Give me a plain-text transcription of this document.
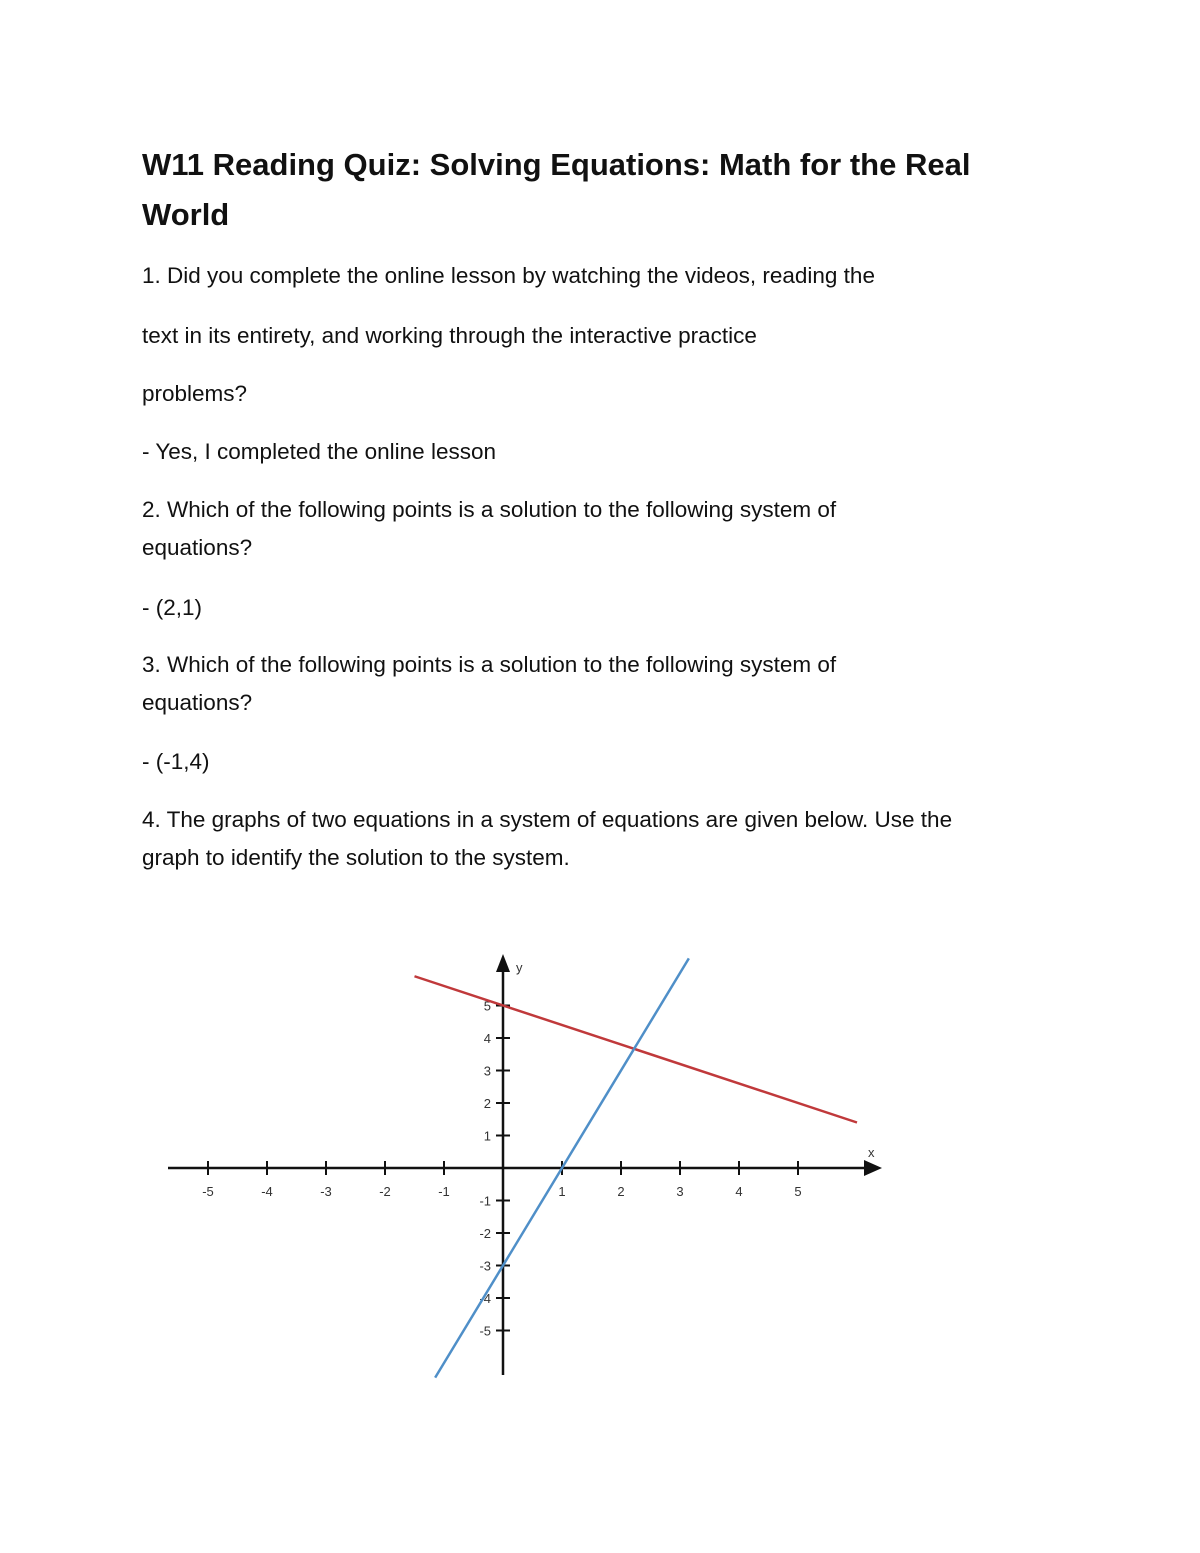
W11 Reading Quiz: Solving Equations: Math for the Real World
1. Did you complete the online lesson by watching the videos, reading the
text in its entirety, and working through the interactive practice
problems?
- Yes, I completed the online lesson
2. Which of the following points is a solution to the following system of
equations?
- (2,1)
3. Which of the following points is a solution to the following system of
equations?
- (-1,4)
4. The graphs of two equations in a system of equations are given below. Use the
graph to identify the solution to the system.
x
y
-5	-4	-3	-2	-1	1	2	3	4	5
5
4
3
2
1
-1
-2
-3
-4
-5
